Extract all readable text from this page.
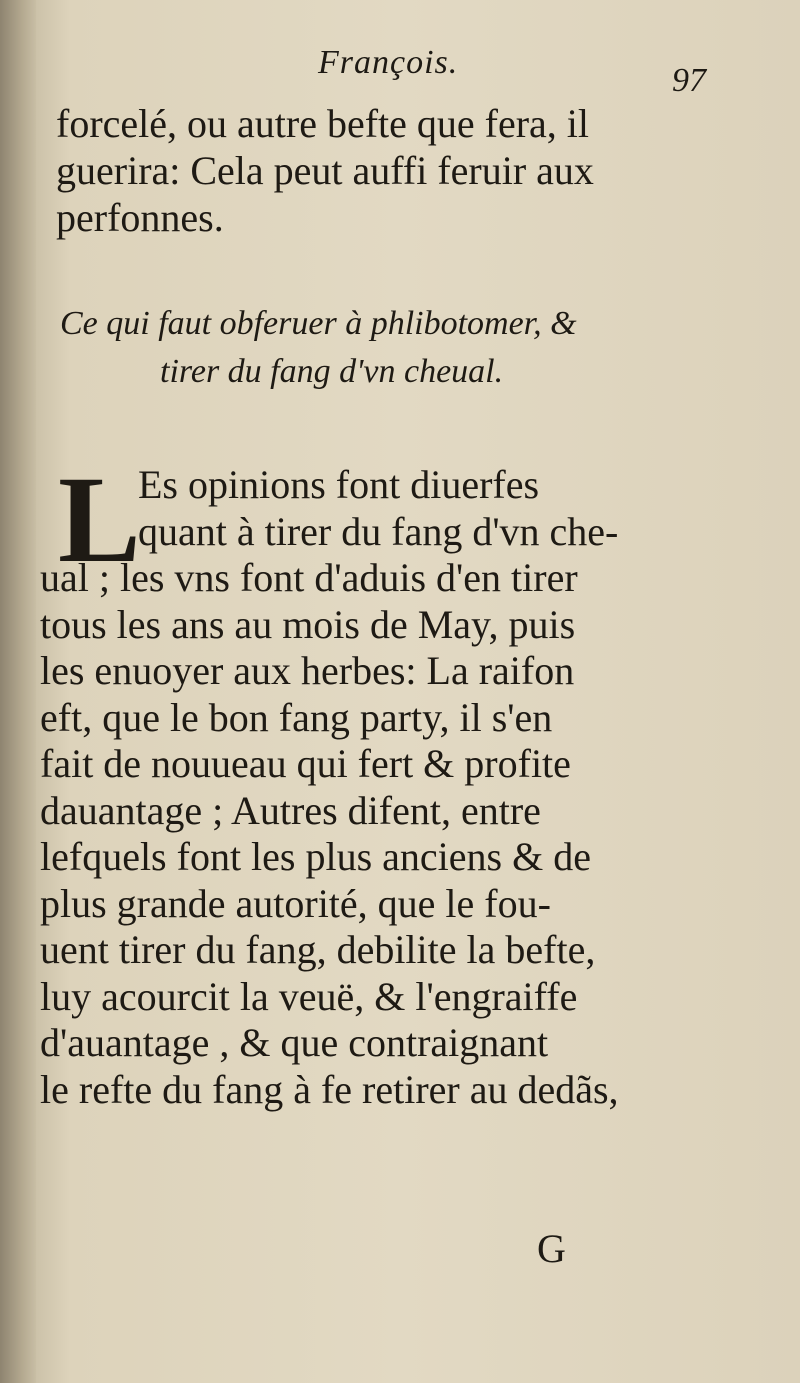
François.	97
forcelé, ou autre befte que fera, il
guerira: Cela peut auffi feruir aux
perfonnes.
Ce qui faut obferuer à phlibotomer, &
tirer du fang d'vn cheual.
L
Es opinions font diuerfes
quant à tirer du fang d'vn che-
ual ; les vns font d'aduis d'en tirer
tous les ans au mois de May, puis
les enuoyer aux herbes: La raifon
eft, que le bon fang party, il s'en
fait de nouueau qui fert & profite
dauantage ; Autres difent, entre
lefquels font les plus anciens & de
plus grande autorité, que le fou-
uent tirer du fang, debilite la befte,
luy acourcit la veuë, & l'engraiffe
d'auantage , & que contraignant
le refte du fang à fe retirer au dedãs,
G
